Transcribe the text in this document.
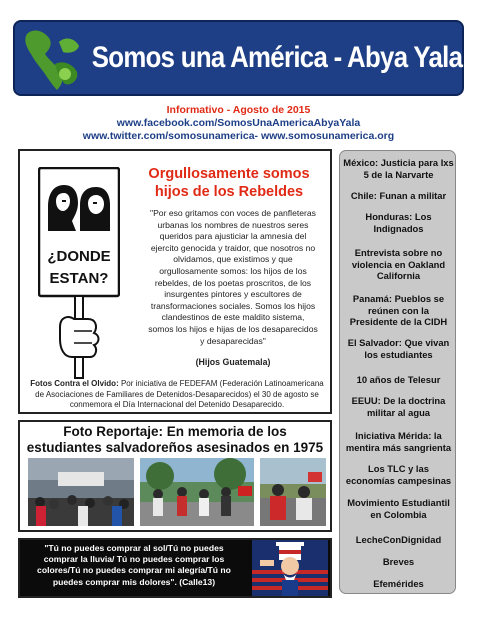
Somos una América - Abya Yala
Informativo - Agosto de 2015
www.facebook.com/SomosUnaAmericaAbyaYala
www.twitter.com/somosunamerica- www.somosunamerica.org
¿DONDE
ESTAN?
Orgullosamente somos hijos de los Rebeldes
"Por eso gritamos con voces de panfleteras urbanas los nombres de nuestros seres queridos para ajusticiar la amnesia del ejercito genocida y traidor, que nosotros no olvidamos, que existimos y que orgullosamente somos: los hijos de los rebeldes, de los poetas proscritos, de los insurgentes pintores y escultores de transformaciones sociales. Somos los hijos clandestinos de este maldito sistema, somos los hijos e hijas de los desaparecidos y desaparecidas"
(Hijos Guatemala)
Fotos Contra el Olvido: Por iniciativa de FEDEFAM (Federación Latinoamericana de Asociaciones de Familiares de Detenidos-Desaparecidos) el 30 de agosto se conmemora el Día Internacional del Detenido Desaparecido.
Foto Reportaje: En memoria de los estudiantes salvadoreños asesinados en 1975
"Tú no puedes comprar al sol/Tú no puedes comprar la lluvia/ Tú no puedes comprar los colores/Tú no puedes comprar mi alegría/Tú no puedes comprar mis dolores". (Calle13)
México: Justicia para Ixs 5 de la Narvarte
Chile: Funan a militar
Honduras: Los Indignados
Entrevista sobre no violencia en Oakland California
Panamá: Pueblos se reúnen con la Presidente de la CIDH
El Salvador: Que vivan los estudiantes
10 años de Telesur
EEUU: De la doctrina militar al agua
Iniciativa Mérida: la mentira más sangrienta
Los TLC y las economías campesinas
Movimiento Estudiantil en Colombia
LecheConDignidad
Breves
Efemérides
